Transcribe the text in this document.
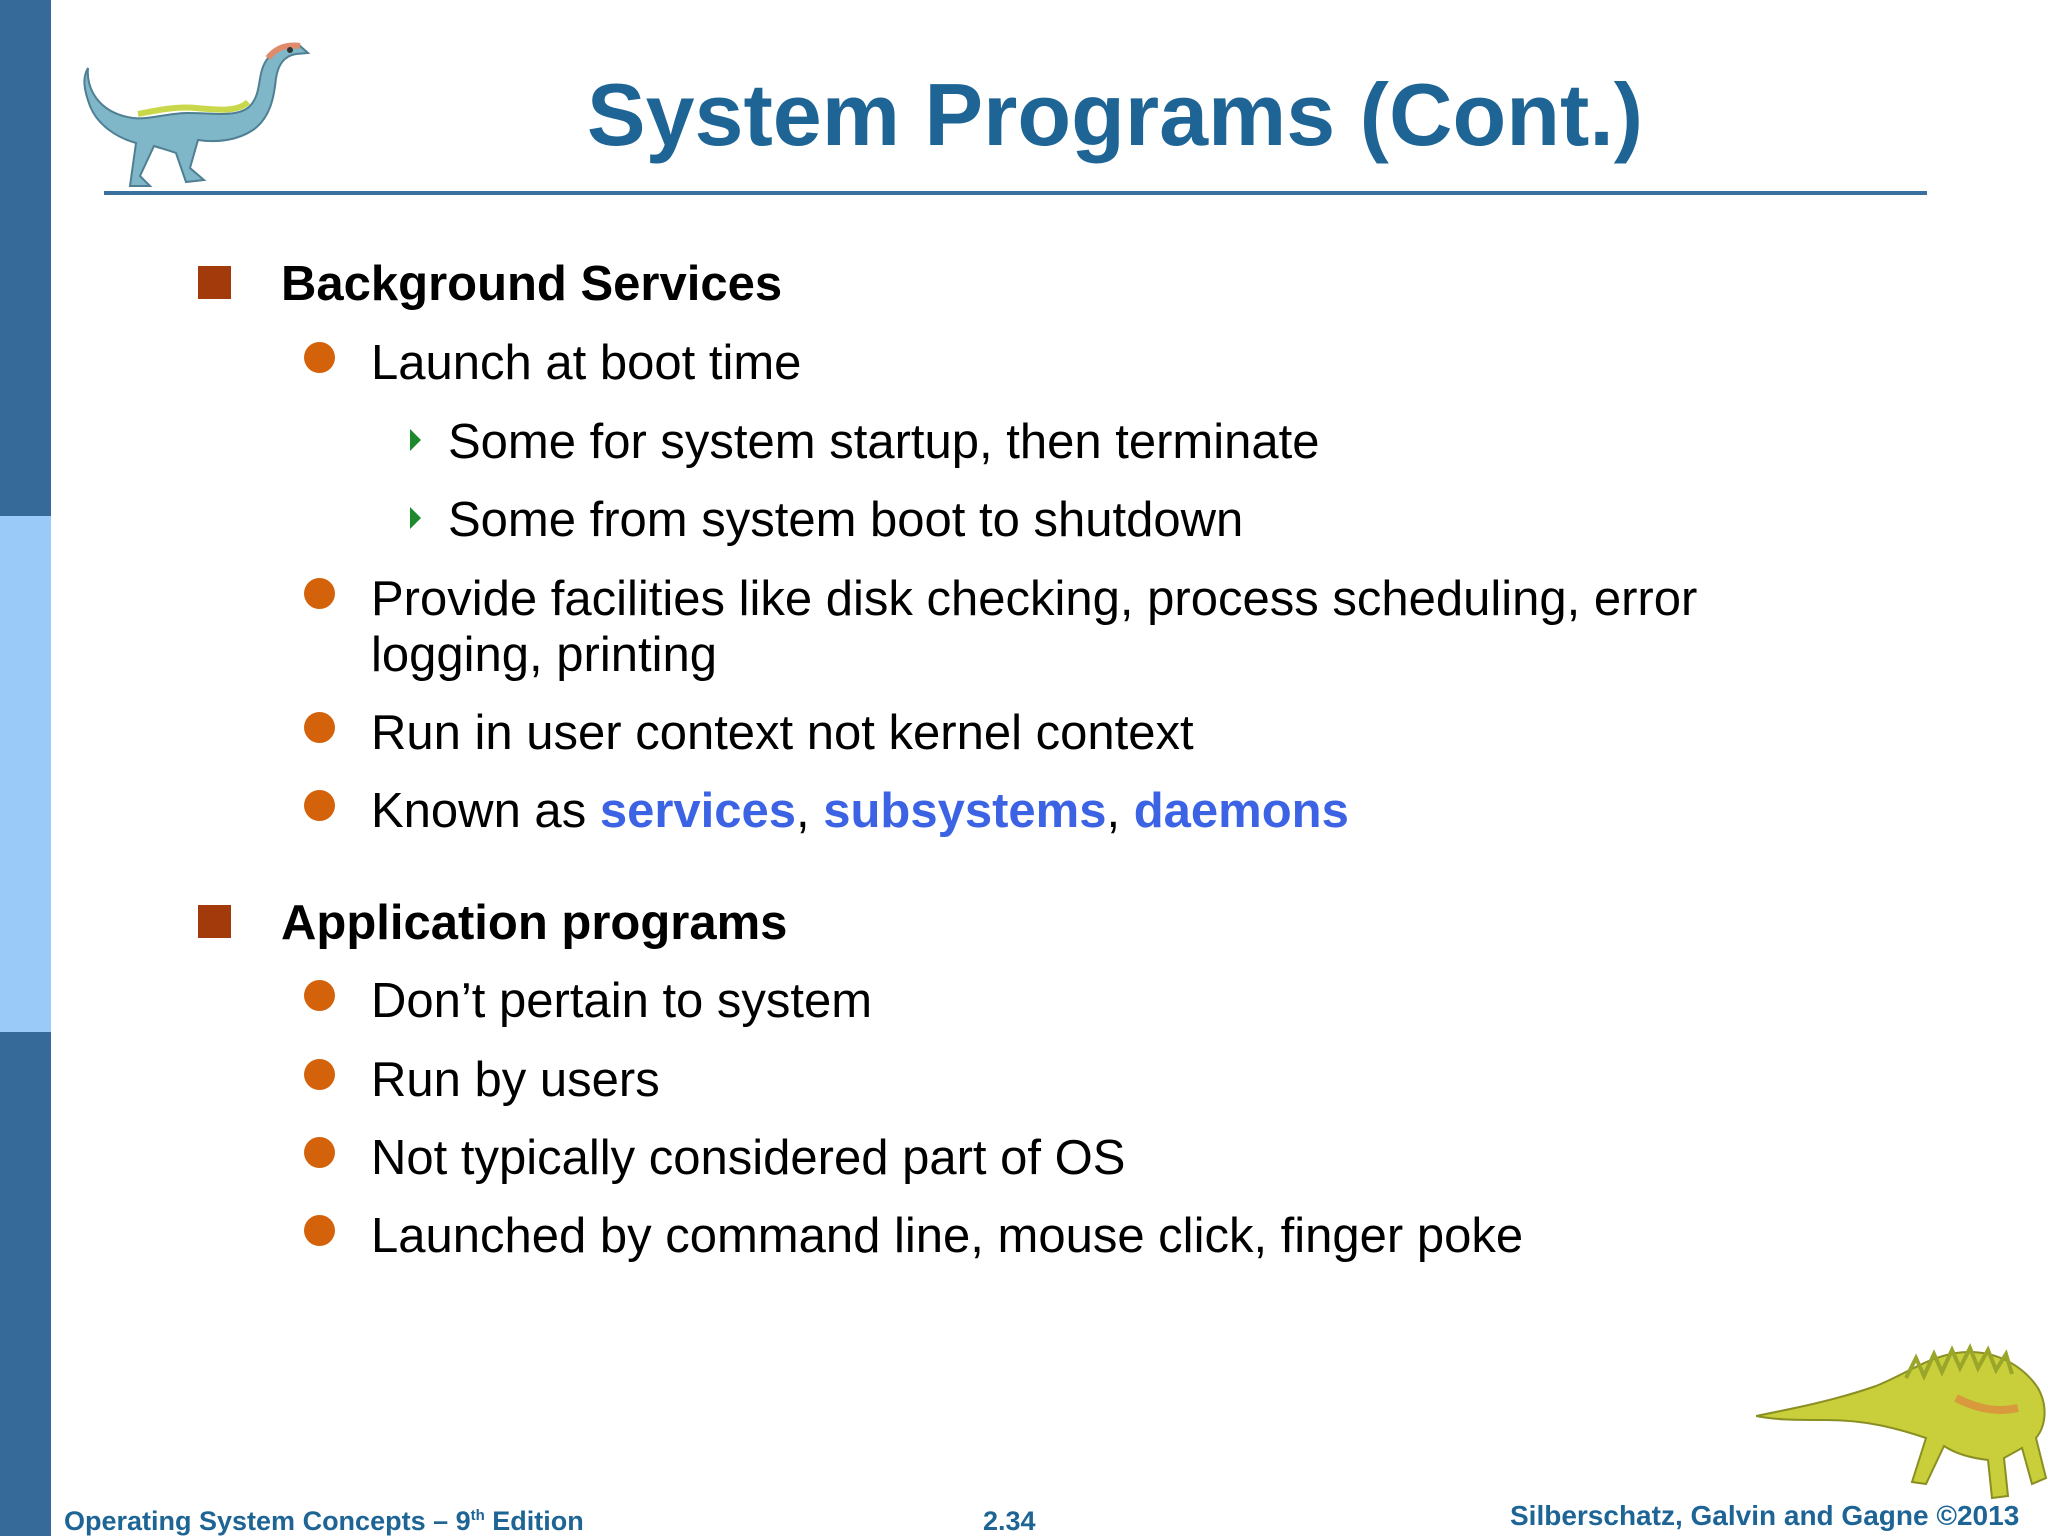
System Programs (Cont.)
Background Services
Launch at boot time
Some for system startup, then terminate
Some from system boot to shutdown
Provide facilities like disk checking, process scheduling, error
logging, printing
Run in user context not kernel context
Known as services, subsystems, daemons
Application programs
Don’t pertain to system
Run by users
Not typically considered part of OS
Launched by command line, mouse click, finger poke
Operating System Concepts – 9th Edition	2.34	Silberschatz, Galvin and Gagne ©2013
